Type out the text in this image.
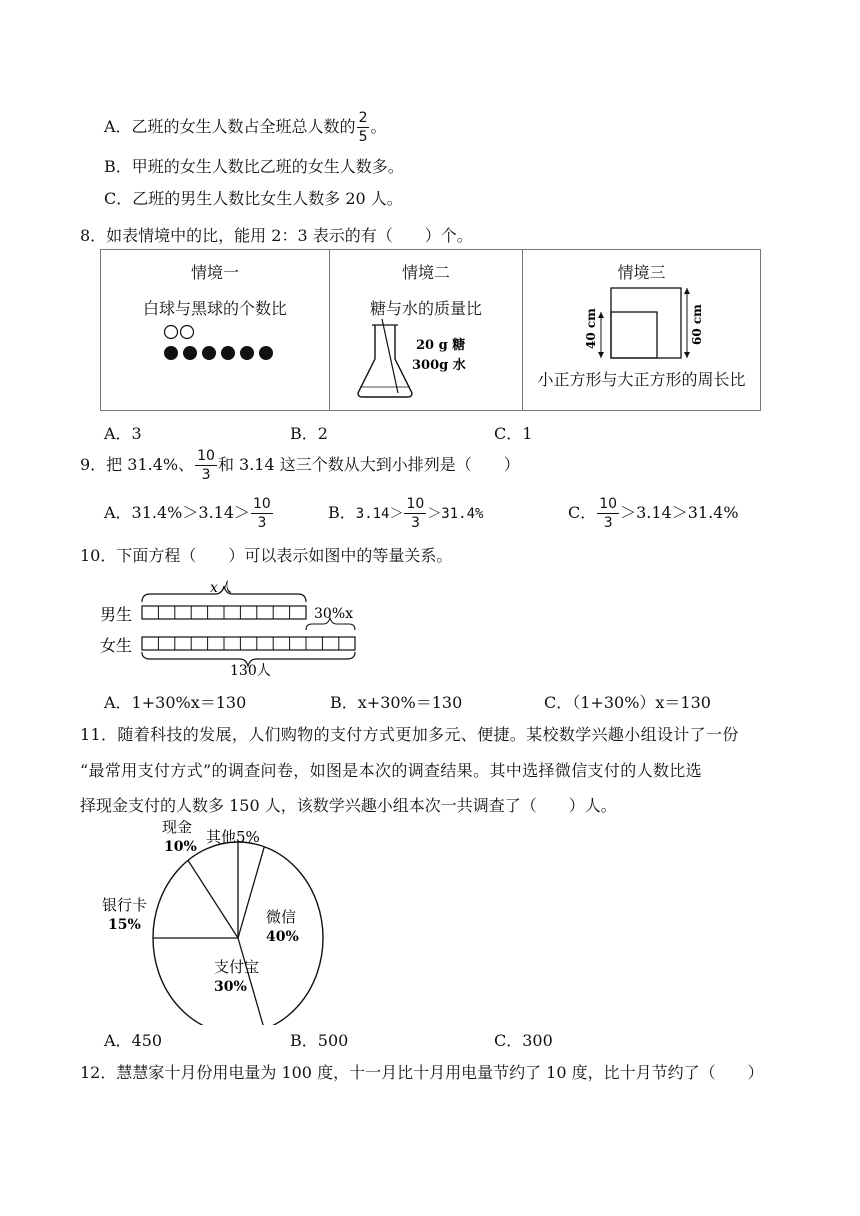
A．乙班的女生人数占全班总人数的 $\frac{2}{5}$ 。
B．甲班的女生人数比乙班的女生人数多。
C．乙班的男生人数比女生人数多 20 人。
8．如表情境中的比，能用 2：3 表示的有（　　）个。
情境一
白球与黑球的个数比

情境二
糖与水的质量比
20 g 糖
300g 水

情境三
40 cm	60 cm
小正方形与大正方形的周长比
A．3	B．2	C．1
9．把 31.4%、 $\frac{10}{3}$ 和 3.14 这三个数从大到小排列是（　　）
A．$31.4\%>3.14> \frac{10}{3}$	B．$3.14> \frac{10}{3} >31.4\%$	C． $\frac{10}{3} >3.14>31.4\%$
10．下面方程（　　）可以表示如图中的等量关系。
男生
女生
x人
30%x
130人
A．1+30%x＝130	B．x+30%＝130	C．（1+30%）x＝130
11．随着科技的发展，人们购物的支付方式更加多元、便捷。某校数学兴趣小组设计了一份
“最常用支付方式”的调查问卷，如图是本次的调查结果。其中选择微信支付的人数比选
择现金支付的人数多 150 人，该数学兴趣小组本次一共调查了（　　）人。
40%
微信
30%
支付宝
15%
银行卡
10%
现金
其他5%
A．450	B．500	C．300
12．慧慧家十月份用电量为 100 度，十一月比十月用电量节约了 10 度，比十月节约了（　　）
